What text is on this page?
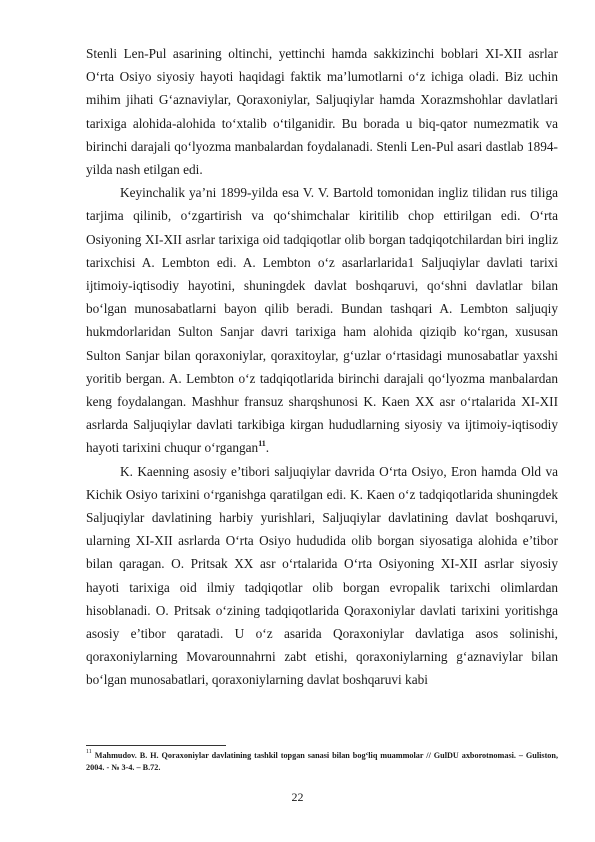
Stenli Len-Pul asarining oltinchi, yettinchi hamda sakkizinchi boblari XI-XII asrlar O‘rta Osiyo siyosiy hayoti haqidagi faktik ma’lumotlarni o‘z ichiga oladi. Biz uchin mihim jihati G‘aznaviylar, Qoraxoniylar, Saljuqiylar hamda Xorazmshohlar davlatlari tarixiga alohida-alohida to‘xtalib o‘tilganidir. Bu borada u biq-qator numezmatik va birinchi darajali qo‘lyozma manbalardan foydalanadi. Stenli Len-Pul asari dastlab 1894-yilda nash etilgan edi.

Keyinchalik ya’ni 1899-yilda esa V. V. Bartold tomonidan ingliz tilidan rus tiliga tarjima qilinib, o‘zgartirish va qo‘shimchalar kiritilib chop ettirilgan edi. O‘rta Osiyoning XI-XII asrlar tarixiga oid tadqiqotlar olib borgan tadqiqotchilardan biri ingliz tarixchisi A. Lembton edi. A. Lembton o‘z asarlarlarida1 Saljuqiylar davlati tarixi ijtimoiy-iqtisodiy hayotini, shuningdek davlat boshqaruvi, qo‘shni davlatlar bilan bo‘lgan munosabatlarni bayon qilib beradi. Bundan tashqari A. Lembton saljuqiy hukmdorlaridan Sulton Sanjar davri tarixiga ham alohida qiziqib ko‘rgan, xususan Sulton Sanjar bilan qoraxoniylar, qoraxitoylar, g‘uzlar o‘rtasidagi munosabatlar yaxshi yoritib bergan. A. Lembton o‘z tadqiqotlarida birinchi darajali qo‘lyozma manbalardan keng foydalangan. Mashhur fransuz sharqshunosi K. Kaen XX asr o‘rtalarida XI-XII asrlarda Saljuqiylar davlati tarkibiga kirgan hududlarning siyosiy va ijtimoiy-iqtisodiy hayoti tarixini chuqur o‘rgangan$^{11}$.

K. Kaenning asosiy e’tibori saljuqiylar davrida O‘rta Osiyo, Eron hamda Old va Kichik Osiyo tarixini o‘rganishga qaratilgan edi. K. Kaen o‘z tadqiqotlarida shuningdek Saljuqiylar davlatining harbiy yurishlari, Saljuqiylar davlatining davlat boshqaruvi, ularning XI-XII asrlarda O‘rta Osiyo hududida olib borgan siyosatiga alohida e’tibor bilan qaragan. O. Pritsak XX asr o‘rtalarida O‘rta Osiyoning XI-XII asrlar siyosiy hayoti tarixiga oid ilmiy tadqiqotlar olib borgan evropalik tarixchi olimlardan hisoblanadi. O. Pritsak o‘zining tadqiqotlarida Qoraxoniylar davlati tarixini yoritishga asosiy e’tibor qaratadi. U o‘z asarida Qoraxoniylar davlatiga asos solinishi, qoraxoniylarning Movarounnahrni zabt etishi, qoraxoniylarning g‘aznaviylar bilan bo‘lgan munosabatlari, qoraxoniylarning davlat boshqaruvi kabi

$^{11}$ Mahmudov. B. H. Qoraxoniylar davlatining tashkil topgan sanasi bilan bog‘liq muammolar // GulDU axborotnomasi. – Guliston, 2004. - № 3-4. – B.72.
22
